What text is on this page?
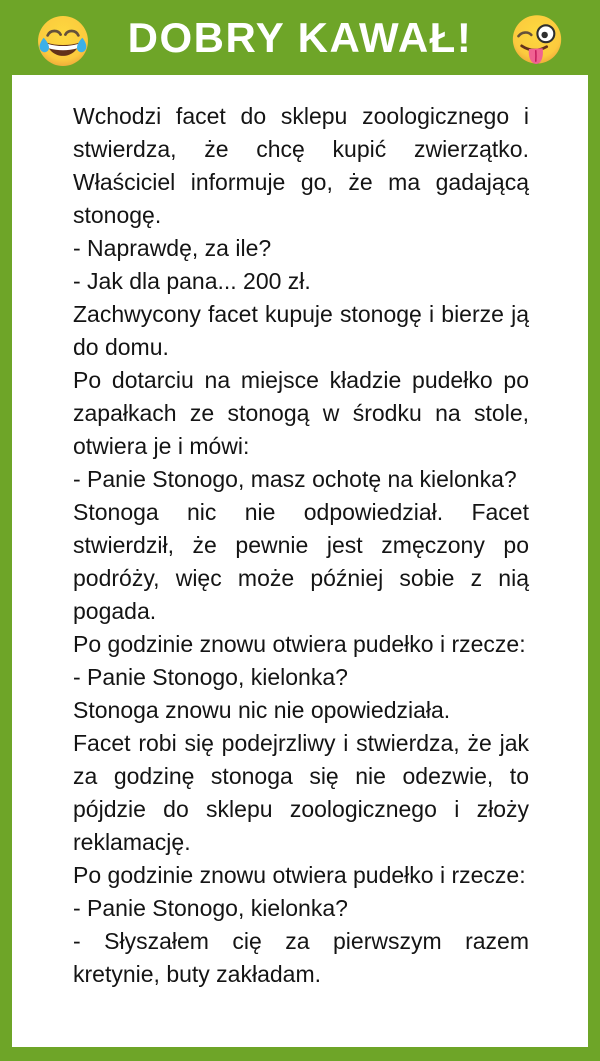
DOBRY KAWAŁ!

Wchodzi facet do sklepu zoologicznego i stwierdza, że chcę kupić zwierzątko. Właściciel informuje go, że ma gadającą stonogę.

- Naprawdę, za ile?

- Jak dla pana... 200 zł.

Zachwycony facet kupuje stonogę i bierze ją do domu.

Po dotarciu na miejsce kładzie pudełko po zapałkach ze stonogą w środku na stole, otwiera je i mówi:

- Panie Stonogo, masz ochotę na kielonka?

Stonoga nic nie odpowiedział. Facet stwierdził, że pewnie jest zmęczony po podróży, więc może później sobie z nią pogada.

Po godzinie znowu otwiera pudełko i rzecze:

- Panie Stonogo, kielonka?

Stonoga znowu nic nie opowiedziała.

Facet robi się podejrzliwy i stwierdza, że jak za godzinę stonoga się nie odezwie, to pójdzie do sklepu zoologicznego i złoży reklamację.

Po godzinie znowu otwiera pudełko i rzecze:

- Panie Stonogo, kielonka?

- Słyszałem cię za pierwszym razem kretynie, buty zakładam.
